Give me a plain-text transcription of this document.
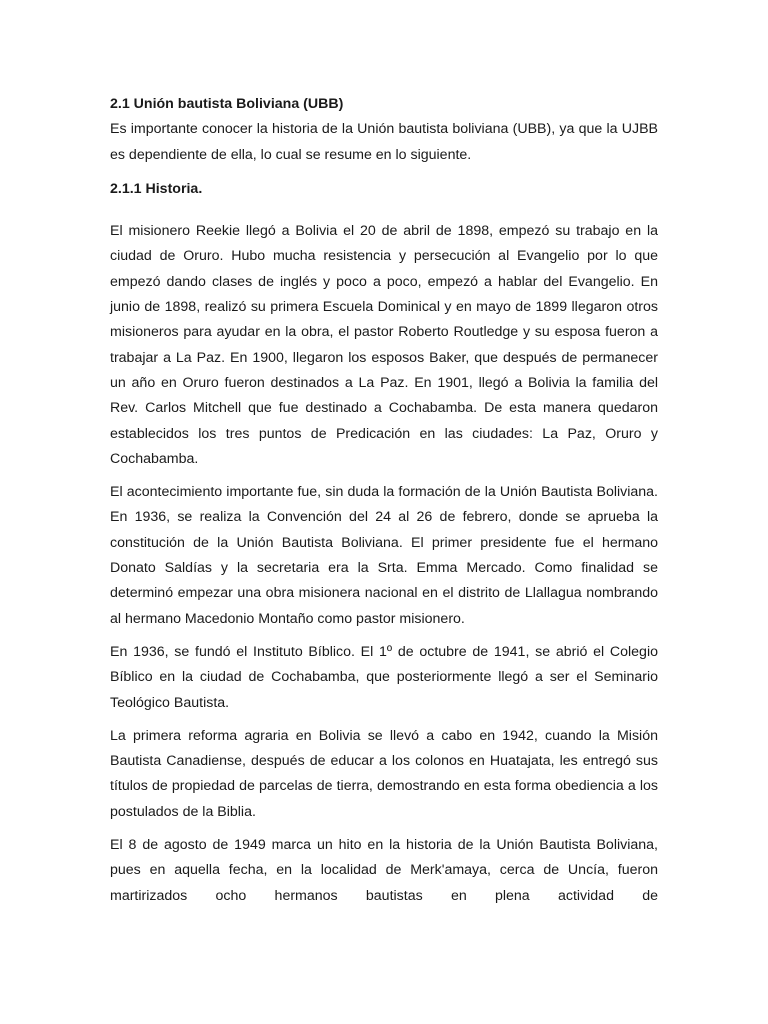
2.1 Unión bautista Boliviana (UBB)

Es importante conocer la historia de la Unión bautista boliviana (UBB), ya que la UJBB es dependiente de ella, lo cual se resume en lo siguiente.

2.1.1 Historia.

El misionero Reekie llegó a Bolivia el 20 de abril de 1898, empezó su trabajo en la ciudad de Oruro. Hubo mucha resistencia y persecución al Evangelio por lo que empezó dando clases de inglés y poco a poco, empezó a hablar del Evangelio. En junio de 1898, realizó su primera Escuela Dominical y en mayo de 1899 llegaron otros misioneros para ayudar en la obra, el pastor Roberto Routledge y su esposa fueron a trabajar a La Paz. En 1900, llegaron los esposos Baker, que después de permanecer un año en Oruro fueron destinados a La Paz. En 1901, llegó a Bolivia la familia del Rev. Carlos Mitchell que fue destinado a Cochabamba. De esta manera quedaron establecidos los tres puntos de Predicación en las ciudades: La Paz, Oruro y Cochabamba.

El acontecimiento importante fue, sin duda la formación de la Unión Bautista Boliviana. En 1936, se realiza la Convención del 24 al 26 de febrero, donde se aprueba la constitución de la Unión Bautista Boliviana. El primer presidente fue el hermano Donato Saldías y la secretaria era la Srta. Emma Mercado. Como finalidad se determinó empezar una obra misionera nacional en el distrito de Llallagua nombrando al hermano Macedonio Montaño como pastor misionero.

En 1936, se fundó el Instituto Bíblico. El 1º de octubre de 1941, se abrió el Colegio Bíblico en la ciudad de Cochabamba, que posteriormente llegó a ser el Seminario Teológico Bautista.

La primera reforma agraria en Bolivia se llevó a cabo en 1942, cuando la Misión Bautista Canadiense, después de educar a los colonos en Huatajata, les entregó sus títulos de propiedad de parcelas de tierra, demostrando en esta forma obediencia a los postulados de la Biblia.

El 8 de agosto de 1949 marca un hito en la historia de la Unión Bautista Boliviana, pues en aquella fecha, en la localidad de Merk'amaya, cerca de Uncía, fueron martirizados ocho hermanos bautistas en plena actividad de
